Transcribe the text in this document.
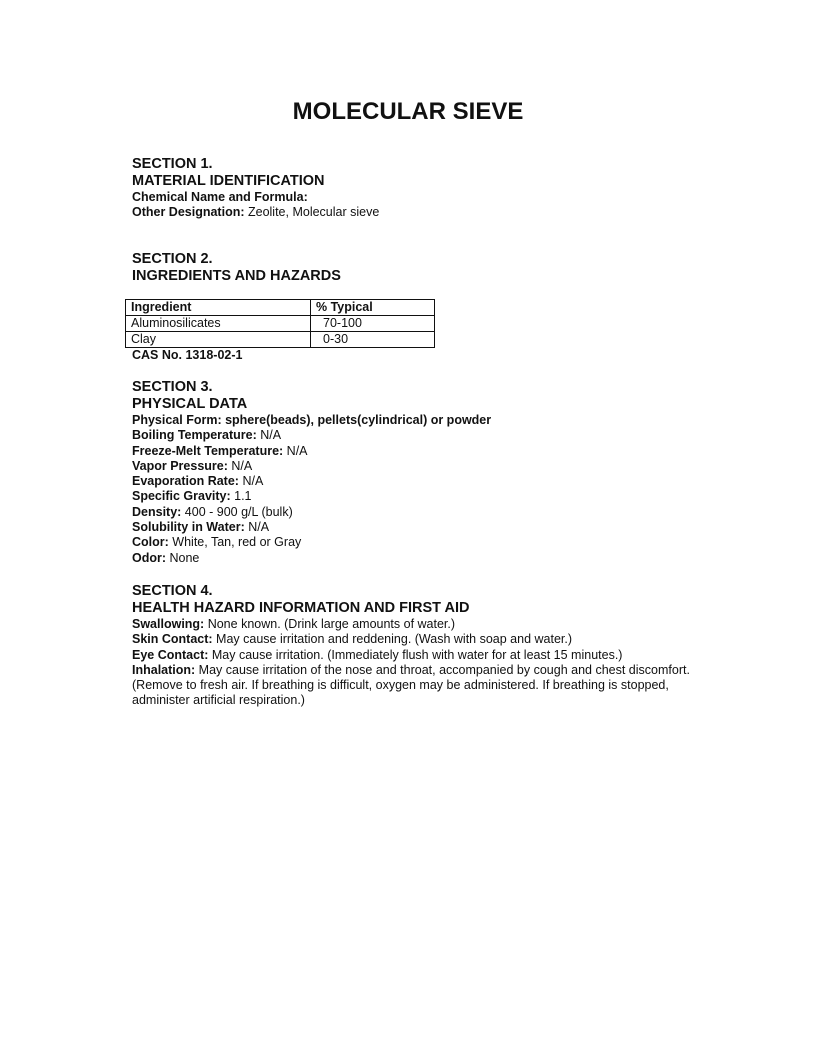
MOLECULAR SIEVE
SECTION 1.
MATERIAL IDENTIFICATION
Chemical Name and Formula:
Other Designation: Zeolite, Molecular sieve
SECTION 2.
INGREDIENTS AND HAZARDS
Ingredient	% Typical
Aluminosilicates	70-100
Clay	0-30
CAS No. 1318-02-1
SECTION 3.
PHYSICAL DATA
Physical Form: sphere(beads), pellets(cylindrical) or powder
Boiling Temperature: N/A
Freeze-Melt Temperature: N/A
Vapor Pressure: N/A
Evaporation Rate: N/A
Specific Gravity: 1.1
Density: 400 - 900 g/L (bulk)
Solubility in Water: N/A
Color: White, Tan, red or Gray
Odor: None
SECTION 4.
HEALTH HAZARD INFORMATION AND FIRST AID
Swallowing: None known. (Drink large amounts of water.)
Skin Contact: May cause irritation and reddening. (Wash with soap and water.)
Eye Contact: May cause irritation. (Immediately flush with water for at least 15 minutes.)
Inhalation: May cause irritation of the nose and throat, accompanied by cough and chest discomfort. (Remove to fresh air. If breathing is difficult, oxygen may be administered. If breathing is stopped, administer artificial respiration.)
